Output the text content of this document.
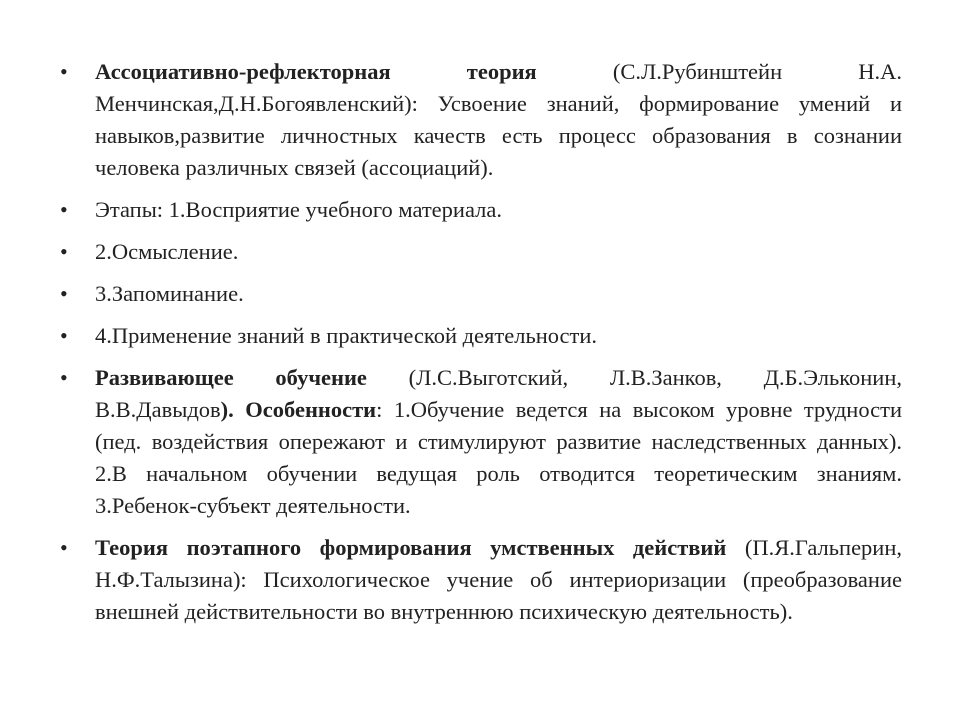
•	Ассоциативно-рефлекторная теория (С.Л.Рубинштейн Н.А. Менчинская,Д.Н.Богоявленский): Усвоение знаний, формирование умений и навыков,развитие личностных качеств есть процесс образования в сознании человека различных связей (ассоциаций).
•	Этапы: 1.Восприятие учебного материала.
•	2.Осмысление.
•	3.Запоминание.
•	4.Применение знаний в практической деятельности.
•	Развивающее обучение (Л.С.Выготский, Л.В.Занков, Д.Б.Эльконин, В.В.Давыдов). Особенности: 1.Обучение ведется на высоком уровне трудности (пед. воздействия опережают и стимулируют развитие наследственных данных). 2.В начальном обучении ведущая роль отводится теоретическим знаниям. 3.Ребенок-субъект деятельности.
•	Теория поэтапного формирования умственных действий (П.Я.Гальперин, Н.Ф.Талызина): Психологическое учение об интериоризации (преобразование внешней действительности во внутреннюю психическую деятельность).
